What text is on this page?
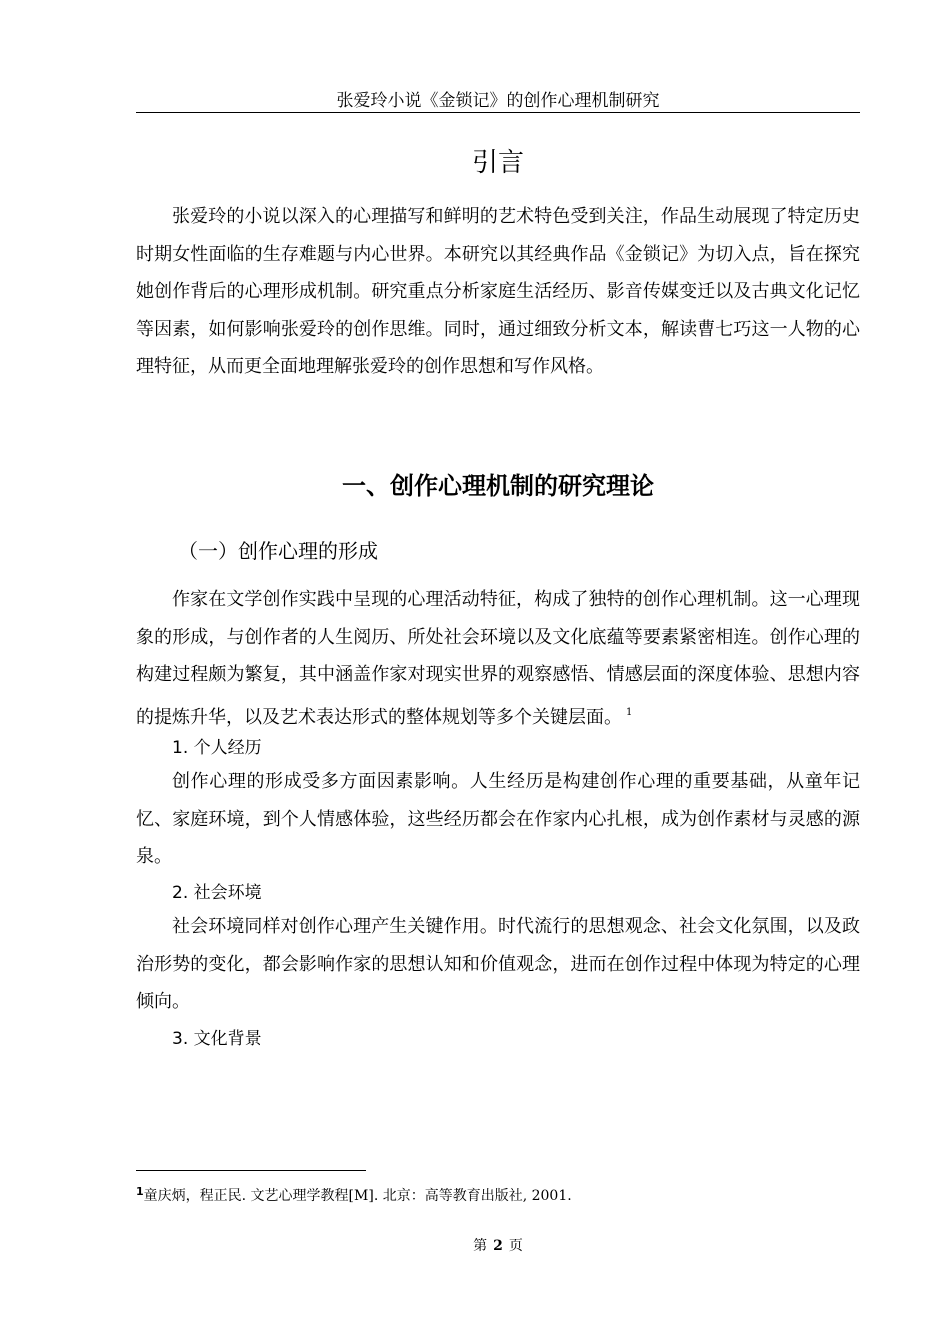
张爱玲小说《金锁记》的创作心理机制研究
引言

张爱玲的小说以深入的心理描写和鲜明的艺术特色受到关注，作品生动展现了特定历史时期女性面临的生存难题与内心世界。本研究以其经典作品《金锁记》为切入点，旨在探究她创作背后的心理形成机制。研究重点分析家庭生活经历、影音传媒变迁以及古典文化记忆等因素，如何影响张爱玲的创作思维。同时，通过细致分析文本，解读曹七巧这一人物的心理特征，从而更全面地理解张爱玲的创作思想和写作风格。

一、创作心理机制的研究理论
（一）创作心理的形成

作家在文学创作实践中呈现的心理活动特征，构成了独特的创作心理机制。这一心理现象的形成，与创作者的人生阅历、所处社会环境以及文化底蕴等要素紧密相连。创作心理的构建过程颇为繁复，其中涵盖作家对现实世界的观察感悟、情感层面的深度体验、思想内容的提炼升华，以及艺术表达形式的整体规划等多个关键层面。 $^1$

1. 个人经历

创作心理的形成受多方面因素影响。人生经历是构建创作心理的重要基础，从童年记忆、家庭环境，到个人情感体验，这些经历都会在作家内心扎根，成为创作素材与灵感的源泉。

2. 社会环境

社会环境同样对创作心理产生关键作用。时代流行的思想观念、社会文化氛围，以及政治形势的变化，都会影响作家的思想认知和价值观念，进而在创作过程中体现为特定的心理倾向。

3. 文化背景
$^1$童庆炳，程正民. 文艺心理学教程[M]. 北京：高等教育出版社, 2001.
第 2 页
